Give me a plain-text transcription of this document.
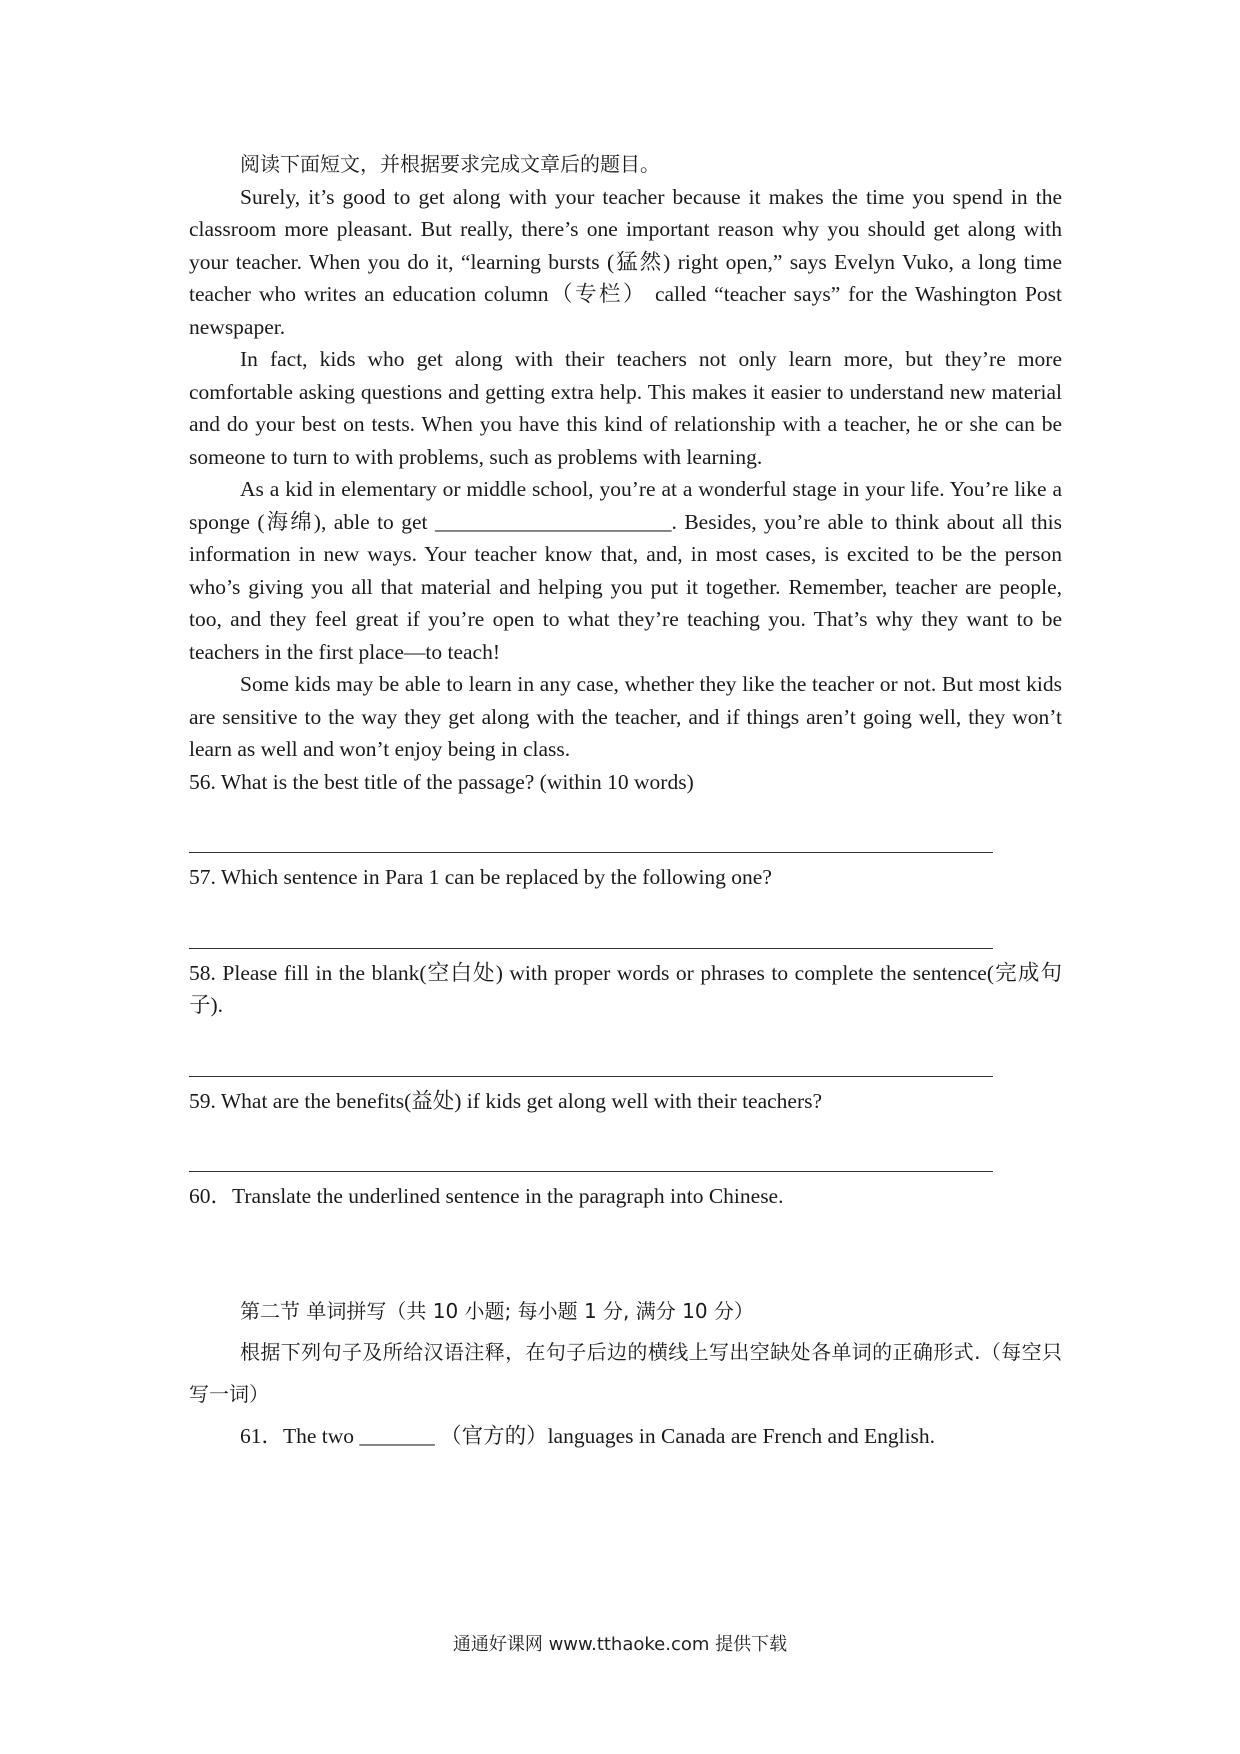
阅读下面短文，并根据要求完成文章后的题目。

Surely, it’s good to get along with your teacher because it makes the time you spend in the classroom more pleasant. But really, there’s one important reason why you should get along with your teacher. When you do it, “learning bursts (猛然) right open,” says Evelyn Vuko, a long time teacher who writes an education column（专栏） called “teacher says” for the Washington Post newspaper.

In fact, kids who get along with their teachers not only learn more, but they’re more comfortable asking questions and getting extra help. This makes it easier to understand new material and do your best on tests. When you have this kind of relationship with a teacher, he or she can be someone to turn to with problems, such as problems with learning.

As a kid in elementary or middle school, you’re at a wonderful stage in your life. You’re like a sponge (海绵), able to get ______________________. Besides, you’re able to think about all this information in new ways. Your teacher know that, and, in most cases, is excited to be the person who’s giving you all that material and helping you put it together. Remember, teacher are people, too, and they feel great if you’re open to what they’re teaching you. That’s why they want to be teachers in the first place—to teach!

Some kids may be able to learn in any case, whether they like the teacher or not. But most kids are sensitive to the way they get along with the teacher, and if things aren’t going well, they won’t learn as well and won’t enjoy being in class.

56. What is the best title of the passage? (within 10 words)

57. Which sentence in Para 1 can be replaced by the following one?

58. Please fill in the blank(空白处) with proper words or phrases to complete the sentence(完成句子).

59. What are the benefits(益处) if kids get along well with their teachers?

60．Translate the underlined sentence in the paragraph into Chinese.

第二节 单词拼写（共 10 小题; 每小题 1 分, 满分 10 分）

根据下列句子及所给汉语注释，在句子后边的横线上写出空缺处各单词的正确形式.（每空只写一词）

61．The two _______ （官方的）languages in Canada are French and English.

通通好课网 www.tthaoke.com 提供下载
